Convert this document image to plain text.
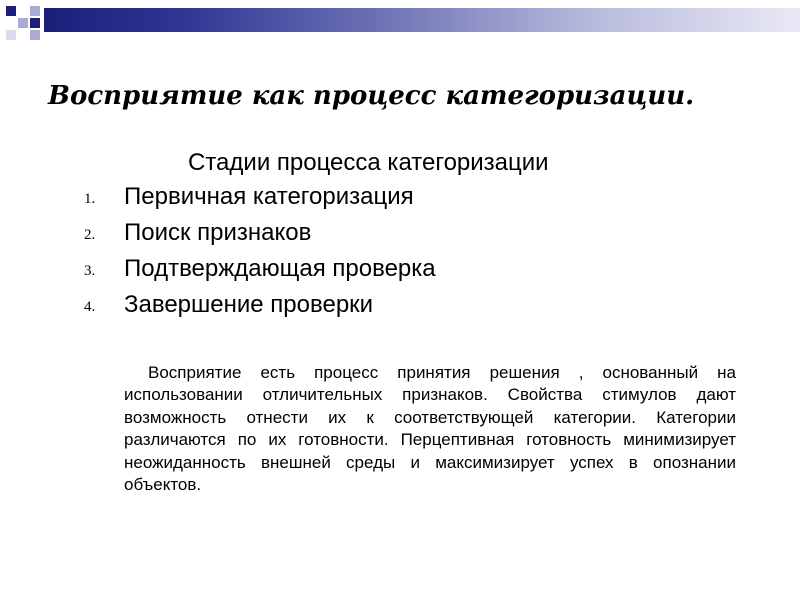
Восприятие как процесс категоризации.
Стадии процесса категоризации
1.	Первичная категоризация
2.	Поиск признаков
3.	Подтверждающая проверка
4.	Завершение проверки

Восприятие есть процесс принятия решения , основанный на использовании отличительных признаков. Свойства стимулов дают возможность отнести их к соответствующей категории. Категории различаются по их готовности. Перцептивная готовность минимизирует неожиданность внешней среды и максимизирует успех в опознании объектов.
